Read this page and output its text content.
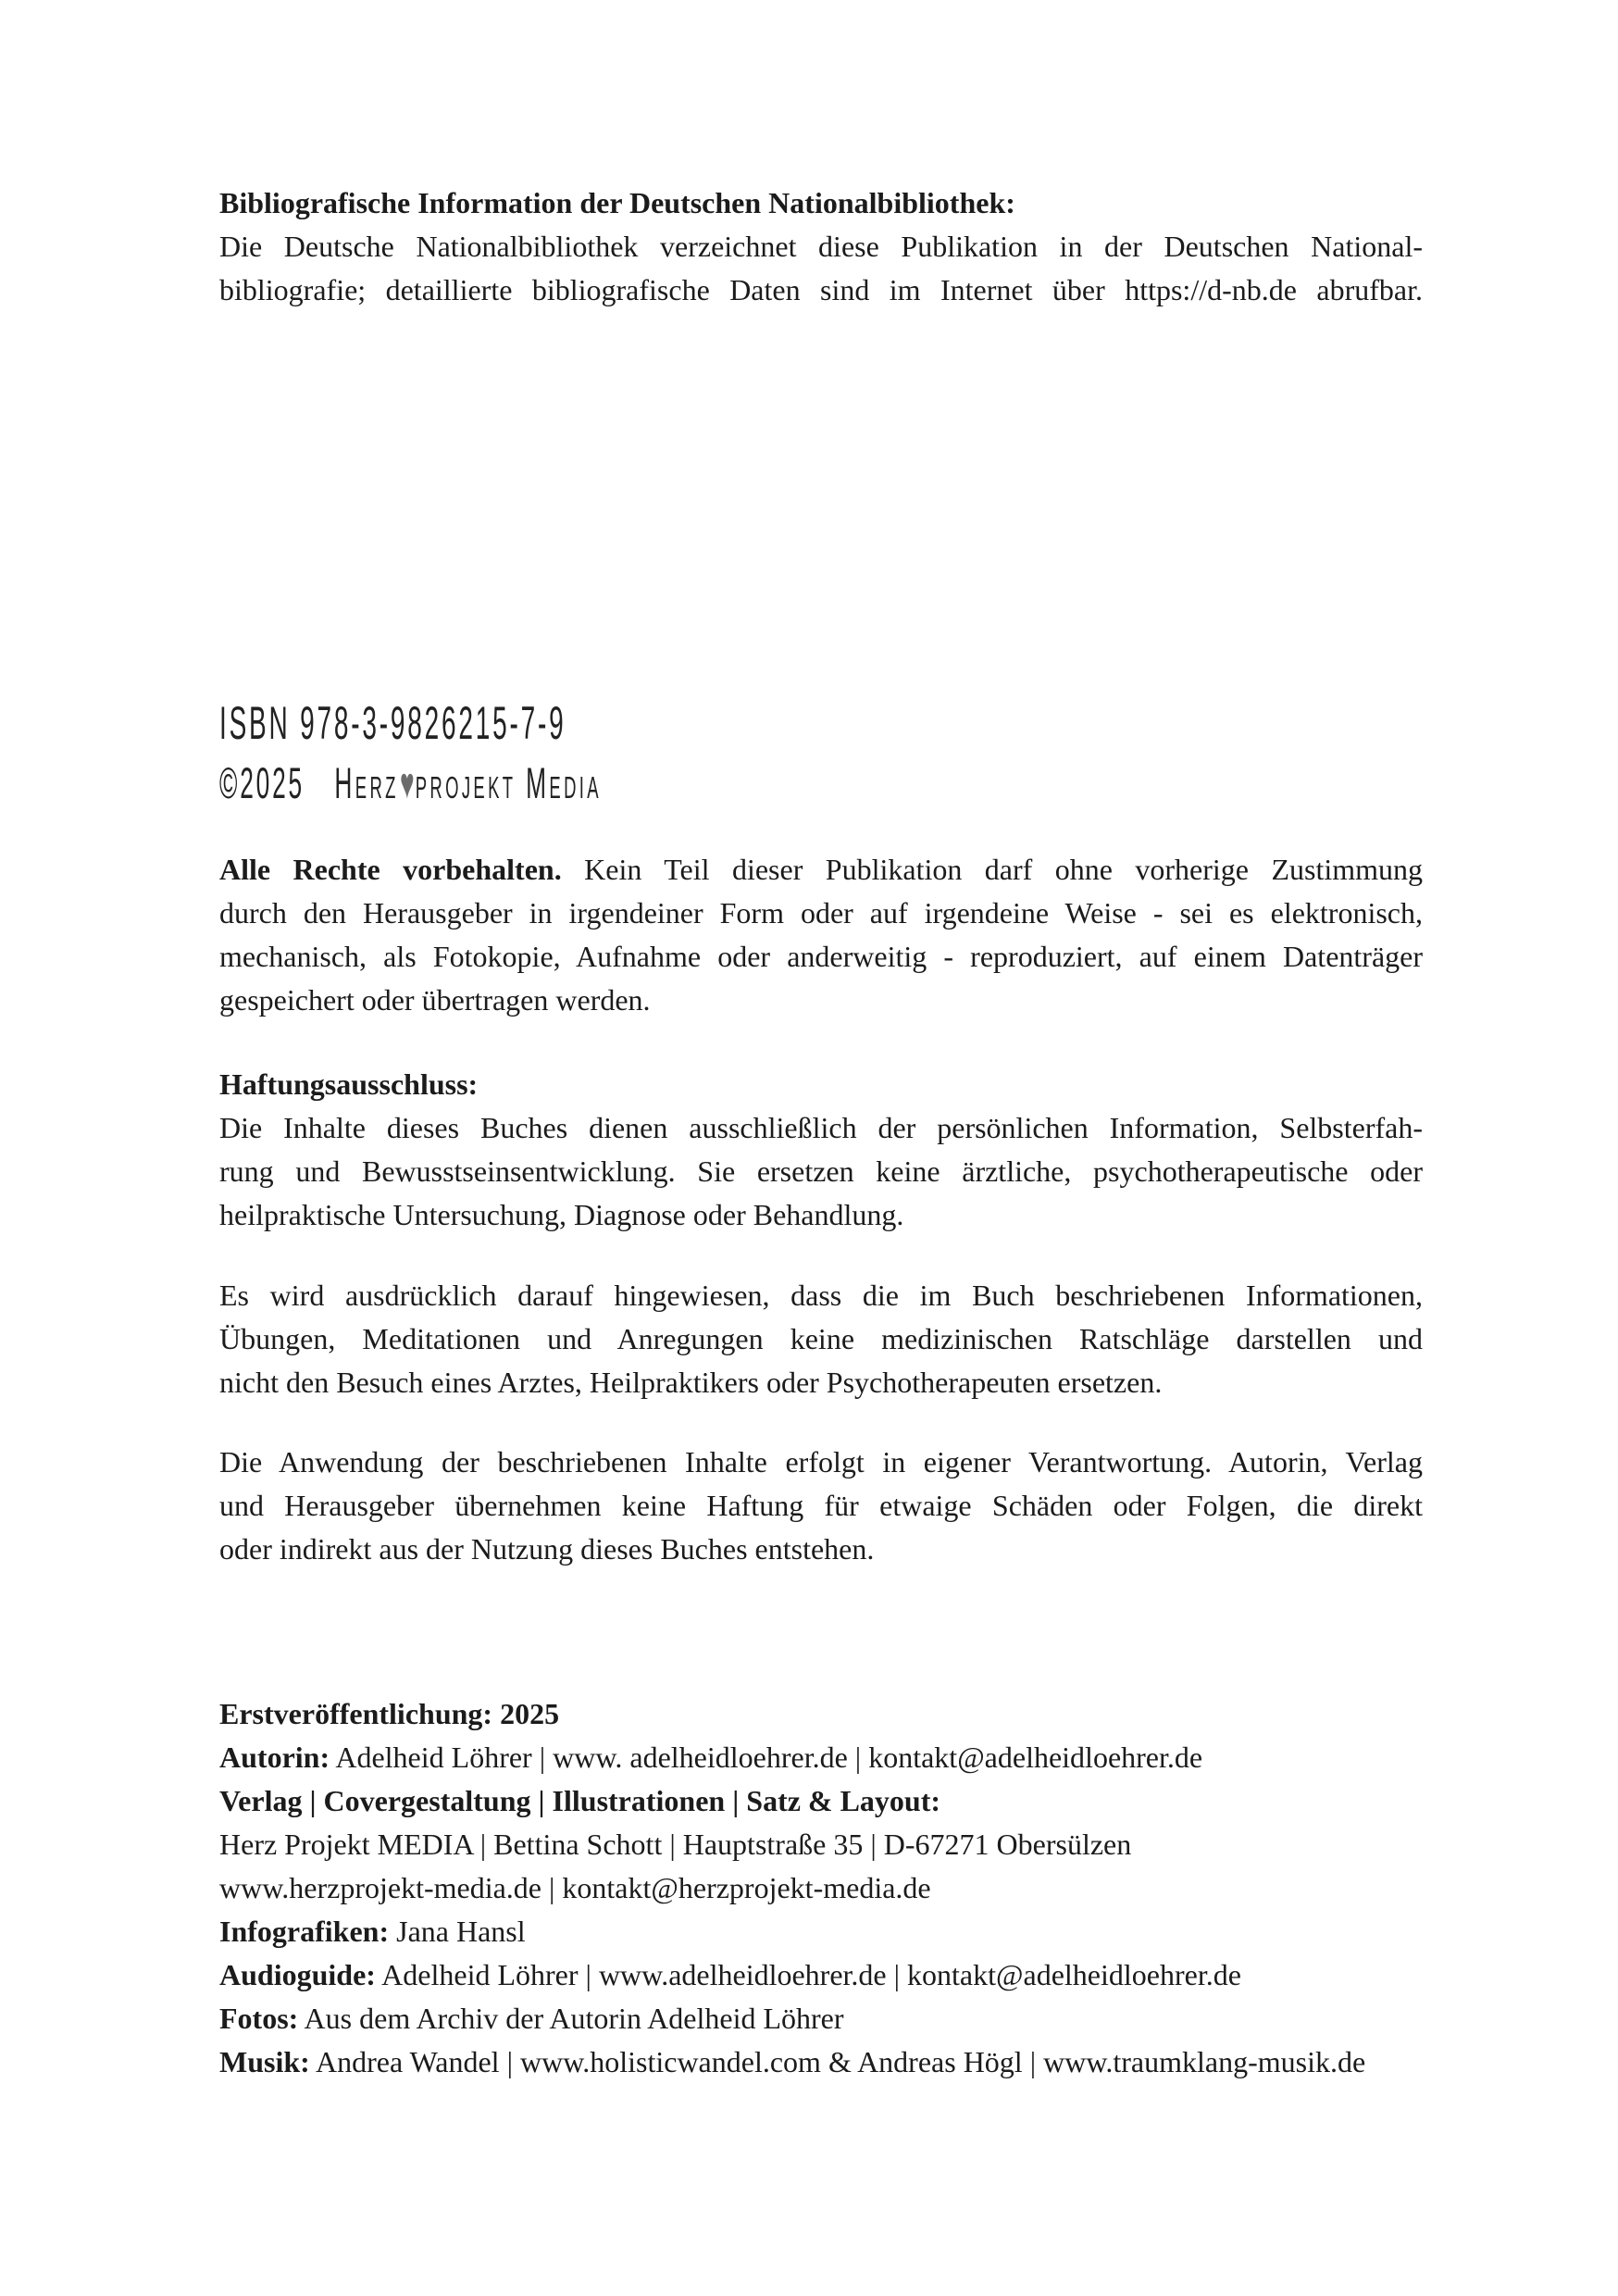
ISBN 978-3-9826215-7-9
©2025 Herz♥projekt Media
Bibliografische Information der Deutschen Nationalbibliothek:
Die Deutsche Nationalbibliothek verzeichnet diese Publikation in der Deutschen National-
bibliografie; detaillierte bibliografische Daten sind im Internet über https://d-nb.de abrufbar.
Alle Rechte vorbehalten. Kein Teil dieser Publikation darf ohne vorherige Zustimmung
durch den Herausgeber in irgendeiner Form oder auf irgendeine Weise - sei es elektronisch,
mechanisch, als Fotokopie, Aufnahme oder anderweitig - reproduziert, auf einem Datenträger
gespeichert oder übertragen werden.
Haftungsausschluss:
Die Inhalte dieses Buches dienen ausschließlich der persönlichen Information, Selbsterfah-
rung und Bewusstseinsentwicklung. Sie ersetzen keine ärztliche, psychotherapeutische oder
heilpraktische Untersuchung, Diagnose oder Behandlung.
Es wird ausdrücklich darauf hingewiesen, dass die im Buch beschriebenen Informationen,
Übungen, Meditationen und Anregungen keine medizinischen Ratschläge darstellen und
nicht den Besuch eines Arztes, Heilpraktikers oder Psychotherapeuten ersetzen.
Die Anwendung der beschriebenen Inhalte erfolgt in eigener Verantwortung. Autorin, Verlag
und Herausgeber übernehmen keine Haftung für etwaige Schäden oder Folgen, die direkt
oder indirekt aus der Nutzung dieses Buches entstehen.
Erstveröffentlichung: 2025
Autorin: Adelheid Löhrer | www. adelheidloehrer.de | kontakt@adelheidloehrer.de
Verlag | Covergestaltung | Illustrationen | Satz & Layout:
Herz Projekt MEDIA | Bettina Schott | Hauptstraße 35 | D-67271 Obersülzen
www.herzprojekt-media.de | kontakt@herzprojekt-media.de
Infografiken: Jana Hansl
Audioguide: Adelheid Löhrer | www.adelheidloehrer.de | kontakt@adelheidloehrer.de
Fotos: Aus dem Archiv der Autorin Adelheid Löhrer
Musik: Andrea Wandel | www.holisticwandel.com & Andreas Högl | www.traumklang-musik.de
